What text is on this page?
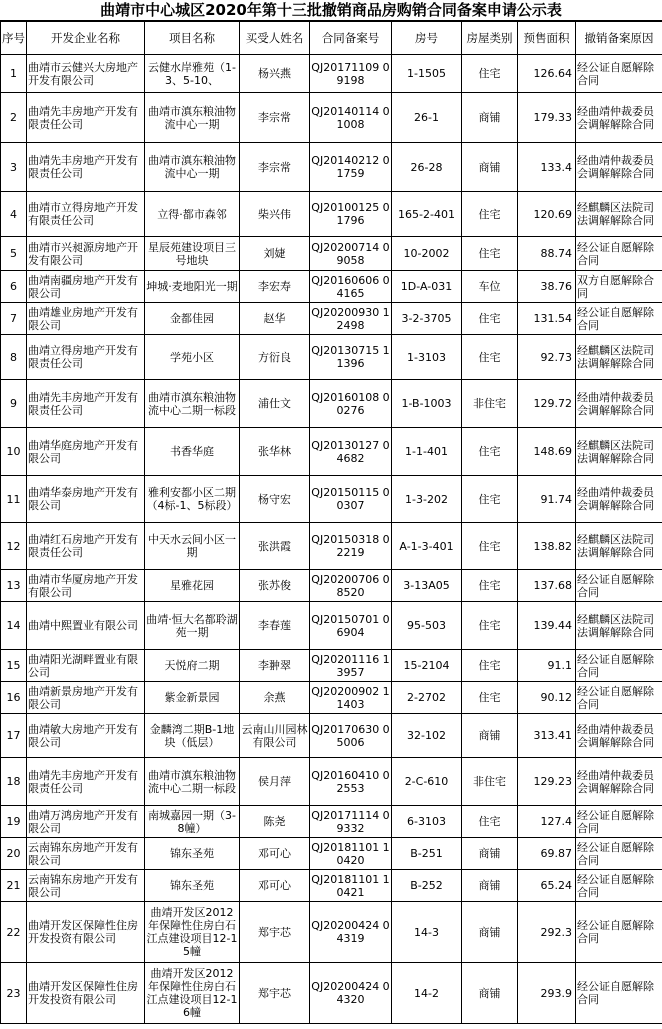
曲靖市中心城区2020年第十三批撤销商品房购销合同备案申请公示表
序号	开发企业名称	项目名称	买受人姓名	合同备案号	房号	房屋类别	预售面积	撤销备案原因
1	曲靖市云健兴大房地产开发有限公司	云健水岸雅苑（1-3、5-10、	杨兴燕	QJ20171109 09198	1-1505	住宅	126.64	经公证自愿解除合同
2	曲靖先丰房地产开发有限责任公司	曲靖市滇东粮油物流中心一期	李宗常	QJ20140114 01008	26-1	商铺	179.33	经曲靖仲裁委员会调解解除合同
3	曲靖先丰房地产开发有限责任公司	曲靖市滇东粮油物流中心一期	李宗常	QJ20140212 01759	26-28	商铺	133.4	经曲靖仲裁委员会调解解除合同
4	曲靖市立得房地产开发有限责任公司	立得·都市森邻	柴兴伟	QJ20100125 01796	165-2-401	住宅	120.69	经麒麟区法院司法调解解除合同
5	曲靖市兴昶源房地产开发有限公司	星辰苑建设项目三号地块	刘婕	QJ20200714 09058	10-2002	住宅	88.74	经公证自愿解除合同
6	曲靖南疆房地产开发有限公司	坤城·麦地阳光一期	李宏寿	QJ20160606 04165	1D-A-031	车位	38.76	双方自愿解除合同
7	曲靖雄业房地产开发有限公司	金都佳园	赵华	QJ20200930 12498	3-2-3705	住宅	131.54	经公证自愿解除合同
8	曲靖立得房地产开发有限责任公司	学苑小区	方衍良	QJ20130715 11396	1-3103	住宅	92.73	经麒麟区法院司法调解解除合同
9	曲靖先丰房地产开发有限责任公司	曲靖市滇东粮油物流中心二期一标段	浦仕文	QJ20160108 00276	1-B-1003	非住宅	129.72	经曲靖仲裁委员会调解解除合同
10	曲靖华庭房地产开发有限公司	书香华庭	张华林	QJ20130127 04682	1-1-401	住宅	148.69	经麒麟区法院司法调解解除合同
11	曲靖华泰房地产开发有限公司	雅利安都小区二期（4标-1、5标段）	杨守宏	QJ20150115 00307	1-3-202	住宅	91.74	经曲靖仲裁委员会调解解除合同
12	曲靖红石房地产开发有限责任公司	中天水云间小区一期	张洪霞	QJ20150318 02219	A-1-3-401	住宅	138.82	经麒麟区法院司法调解解除合同
13	曲靖市华厦房地产开发有限公司	星雅花园	张苏俊	QJ20200706 08520	3-13A05	住宅	137.68	经公证自愿解除合同
14	曲靖中熙置业有限公司	曲靖·恒大名都聆湖苑一期	李春莲	QJ20150701 06904	95-503	住宅	139.44	经麒麟区法院司法调解解除合同
15	曲靖阳光湖畔置业有限公司	天悦府二期	李翀翠	QJ20201116 13957	15-2104	住宅	91.1	经公证自愿解除合同
16	曲靖新景房地产开发有限公司	紫金新景园	余燕	QJ20200902 11403	2-2702	住宅	90.12	经公证自愿解除合同
17	曲靖敏大房地产开发有限公司	金麟湾二期B-1地块（低层）	云南山川园林有限公司	QJ20170630 05006	32-102	商铺	313.41	经曲靖仲裁委员会调解解除合同
18	曲靖先丰房地产开发有限责任公司	曲靖市滇东粮油物流中心二期一标段	侯月萍	QJ20160410 02553	2-C-610	非住宅	129.23	经曲靖仲裁委员会调解解除合同
19	曲靖万鸿房地产开发有限公司	南城嘉园一期（3-8幢）	陈尧	QJ20171114 09332	6-3103	住宅	127.4	经公证自愿解除合同
20	云南锦东房地产开发有限公司	锦东圣苑	邓可心	QJ20181101 10420	B-251	商铺	69.87	经公证自愿解除合同
21	云南锦东房地产开发有限公司	锦东圣苑	邓可心	QJ20181101 10421	B-252	商铺	65.24	经公证自愿解除合同
22	曲靖开发区保障性住房开发投资有限公司	曲靖开发区2012年保障性住房白石江点建设项目12-15幢	郑宇芯	QJ20200424 04319	14-3	商铺	292.3	经公证自愿解除合同
23	曲靖开发区保障性住房开发投资有限公司	曲靖开发区2012年保障性住房白石江点建设项目12-16幢	郑宇芯	QJ20200424 04320	14-2	商铺	293.9	经公证自愿解除合同
